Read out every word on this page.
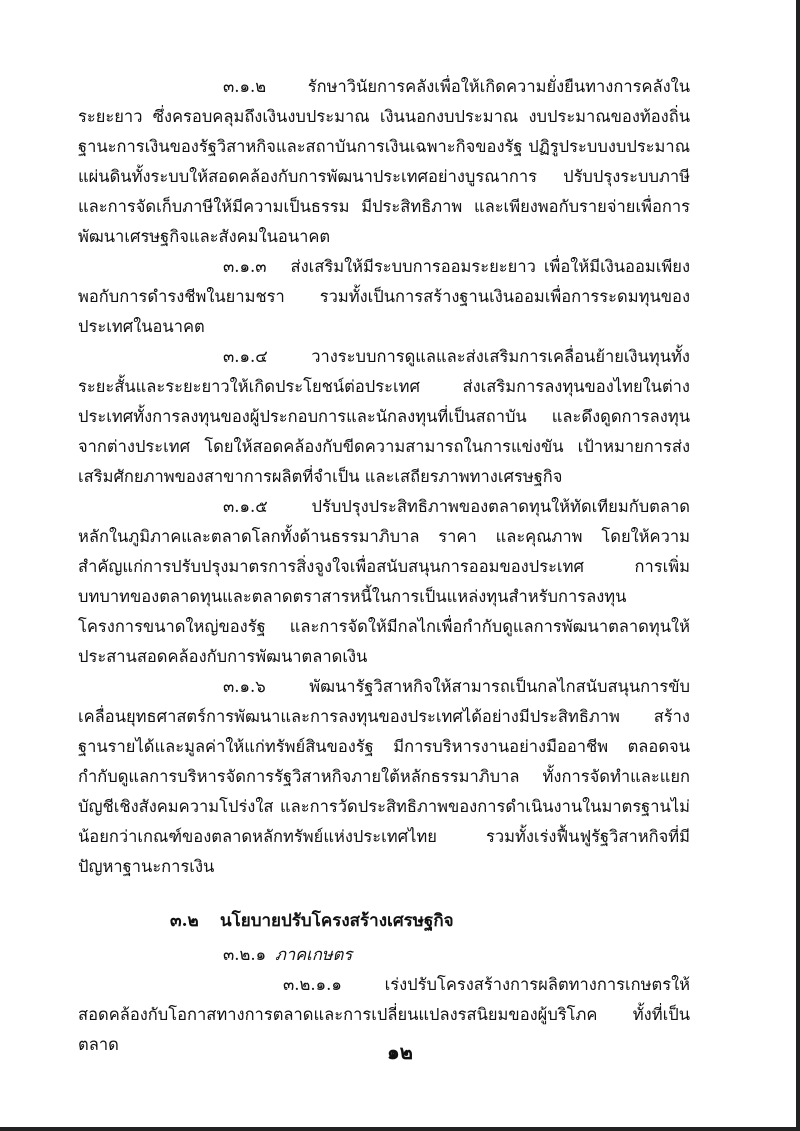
๓.๑.๒	รักษาวินัยการคลังเพื่อให้เกิดความยั่งยืนทางการคลังในระยะยาว ซึ่งครอบคลุมถึงเงินงบประมาณ เงินนอกงบประมาณ งบประมาณของท้องถิ่น ฐานะการเงินของรัฐวิสาหกิจและสถาบันการเงินเฉพาะกิจของรัฐ ปฏิรูประบบงบประมาณแผ่นดินทั้งระบบให้สอดคล้องกับการพัฒนาประเทศอย่างบูรณาการ ปรับปรุงระบบภาษีและการจัดเก็บภาษีให้มีความเป็นธรรม มีประสิทธิภาพ และเพียงพอกับรายจ่ายเพื่อการพัฒนาเศรษฐกิจและสังคมในอนาคต

๓.๑.๓ ส่งเสริมให้มีระบบการออมระยะยาว เพื่อให้มีเงินออมเพียงพอกับการดำรงชีพในยามชรา รวมทั้งเป็นการสร้างฐานเงินออมเพื่อการระดมทุนของประเทศในอนาคต

๓.๑.๔	วางระบบการดูแลและส่งเสริมการเคลื่อนย้ายเงินทุนทั้งระยะสั้นและระยะยาวให้เกิดประโยชน์ต่อประเทศ ส่งเสริมการลงทุนของไทยในต่างประเทศทั้งการลงทุนของผู้ประกอบการและนักลงทุนที่เป็นสถาบัน และดึงดูดการลงทุนจากต่างประเทศ โดยให้สอดคล้องกับขีดความสามารถในการแข่งขัน เป้าหมายการส่งเสริมศักยภาพของสาขาการผลิตที่จำเป็น และเสถียรภาพทางเศรษฐกิจ

๓.๑.๕	ปรับปรุงประสิทธิภาพของตลาดทุนให้ทัดเทียมกับตลาดหลักในภูมิภาคและตลาดโลกทั้งด้านธรรมาภิบาล ราคา และคุณภาพ โดยให้ความสำคัญแก่การปรับปรุงมาตรการสิ่งจูงใจเพื่อสนับสนุนการออมของประเทศ การเพิ่มบทบาทของตลาดทุนและตลาดตราสารหนี้ในการเป็นแหล่งทุนสำหรับการลงทุนโครงการขนาดใหญ่ของรัฐ และการจัดให้มีกลไกเพื่อกำกับดูแลการพัฒนาตลาดทุนให้ประสานสอดคล้องกับการพัฒนาตลาดเงิน

๓.๑.๖	พัฒนารัฐวิสาหกิจให้สามารถเป็นกลไกสนับสนุนการขับเคลื่อนยุทธศาสตร์การพัฒนาและการลงทุนของประเทศได้อย่างมีประสิทธิภาพ สร้างฐานรายได้และมูลค่าให้แก่ทรัพย์สินของรัฐ มีการบริหารงานอย่างมืออาชีพ ตลอดจนกำกับดูแลการบริหารจัดการรัฐวิสาหกิจภายใต้หลักธรรมาภิบาล ทั้งการจัดทำและแยกบัญชีเชิงสังคมความโปร่งใส และการวัดประสิทธิภาพของการดำเนินงานในมาตรฐานไม่น้อยกว่าเกณฑ์ของตลาดหลักทรัพย์แห่งประเทศไทย รวมทั้งเร่งฟื้นฟูรัฐวิสาหกิจที่มีปัญหาฐานะการเงิน

๓.๒ นโยบายปรับโครงสร้างเศรษฐกิจ
๓.๒.๑ ภาคเกษตร

๓.๒.๑.๑	เร่งปรับโครงสร้างการผลิตทางการเกษตรให้สอดคล้องกับโอกาสทางการตลาดและการเปลี่ยนแปลงรสนิยมของผู้บริโภค ทั้งที่เป็นตลาด	๑๒
